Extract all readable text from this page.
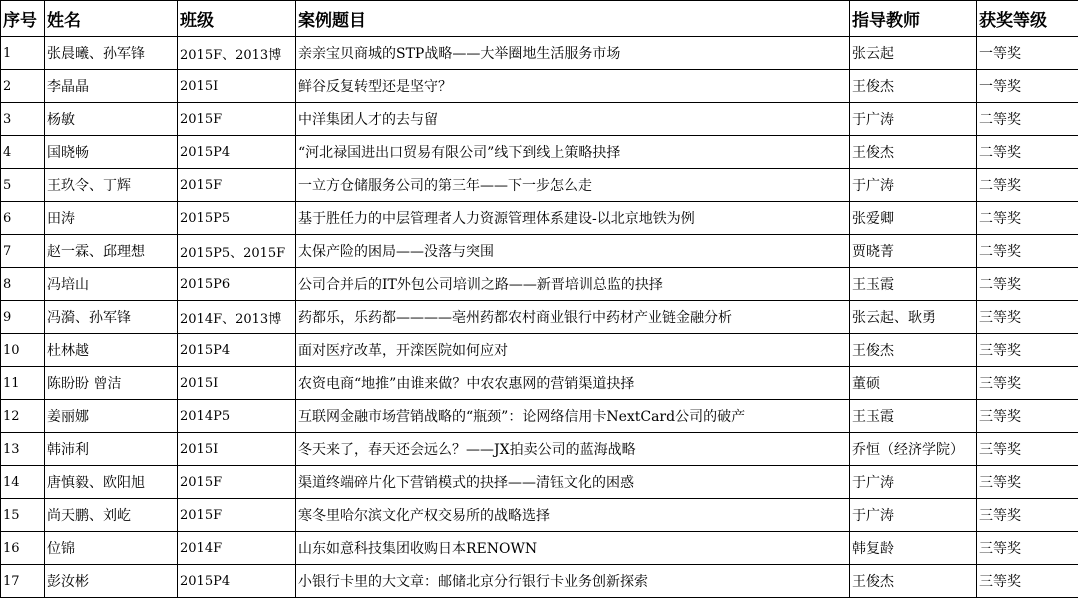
序号	姓名	班级	案例题目	指导教师	获奖等级
1	张晨曦、孙军锋	2015F、2013博	亲亲宝贝商城的STP战略——大举圈地生活服务市场	张云起	一等奖
2	李晶晶	2015I	鲜谷反复转型还是坚守？	王俊杰	一等奖
3	杨敏	2015F	中洋集团人才的去与留	于广涛	二等奖
4	国晓畅	2015P4	“河北禄国进出口贸易有限公司”线下到线上策略抉择	王俊杰	二等奖
5	王玖令、丁辉	2015F	一立方仓储服务公司的第三年——下一步怎么走	于广涛	二等奖
6	田涛	2015P5	基于胜任力的中层管理者人力资源管理体系建设-以北京地铁为例	张爱卿	二等奖
7	赵一霖、邱理想	2015P5、2015F	太保产险的困局——没落与突围	贾晓菁	二等奖
8	冯培山	2015P6	公司合并后的IT外包公司培训之路——新晋培训总监的抉择	王玉霞	二等奖
9	冯漪、孙军锋	2014F、2013博	药都乐，乐药都————亳州药都农村商业银行中药材产业链金融分析	张云起、耿勇	三等奖
10	杜林越	2015P4	面对医疗改革，开滦医院如何应对	王俊杰	三等奖
11	陈盼盼 曾洁	2015I	农资电商“地推”由谁来做？中农农惠网的营销渠道抉择	董硕	三等奖
12	姜丽娜	2014P5	互联网金融市场营销战略的“瓶颈”：论网络信用卡NextCard公司的破产	王玉霞	三等奖
13	韩沛利	2015I	冬天来了，春天还会远么？——JX拍卖公司的蓝海战略	乔恒（经济学院）	三等奖
14	唐慎毅、欧阳旭	2015F	渠道终端碎片化下营销模式的抉择——清钰文化的困惑	于广涛	三等奖
15	尚天鹏、刘屹	2015F	寒冬里哈尔滨文化产权交易所的战略选择	于广涛	三等奖
16	位锦	2014F	山东如意科技集团收购日本RENOWN	韩复龄	三等奖
17	彭汝彬	2015P4	小银行卡里的大文章：邮储北京分行银行卡业务创新探索	王俊杰	三等奖
